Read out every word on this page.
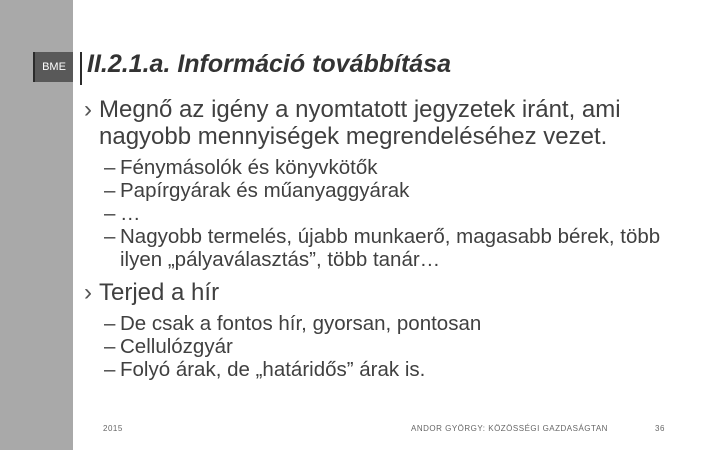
BME II.2.1.a. Információ továbbítása
› Megnő az igény a nyomtatott jegyzetek iránt, ami nagyobb mennyiségek megrendeléséhez vezet.
– Fénymásolók és könyvkötők
– Papírgyárak és műanyaggyárak
– …
– Nagyobb termelés, újabb munkaerő, magasabb bérek, több ilyen „pályaválasztás”, több tanár…
› Terjed a hír
– De csak a fontos hír, gyorsan, pontosan
– Cellulózgyár
– Folyó árak, de „határidős” árak is.
2015	ANDOR GYÖRGY: KÖZÖSSÉGI GAZDASÁGTAN	36
